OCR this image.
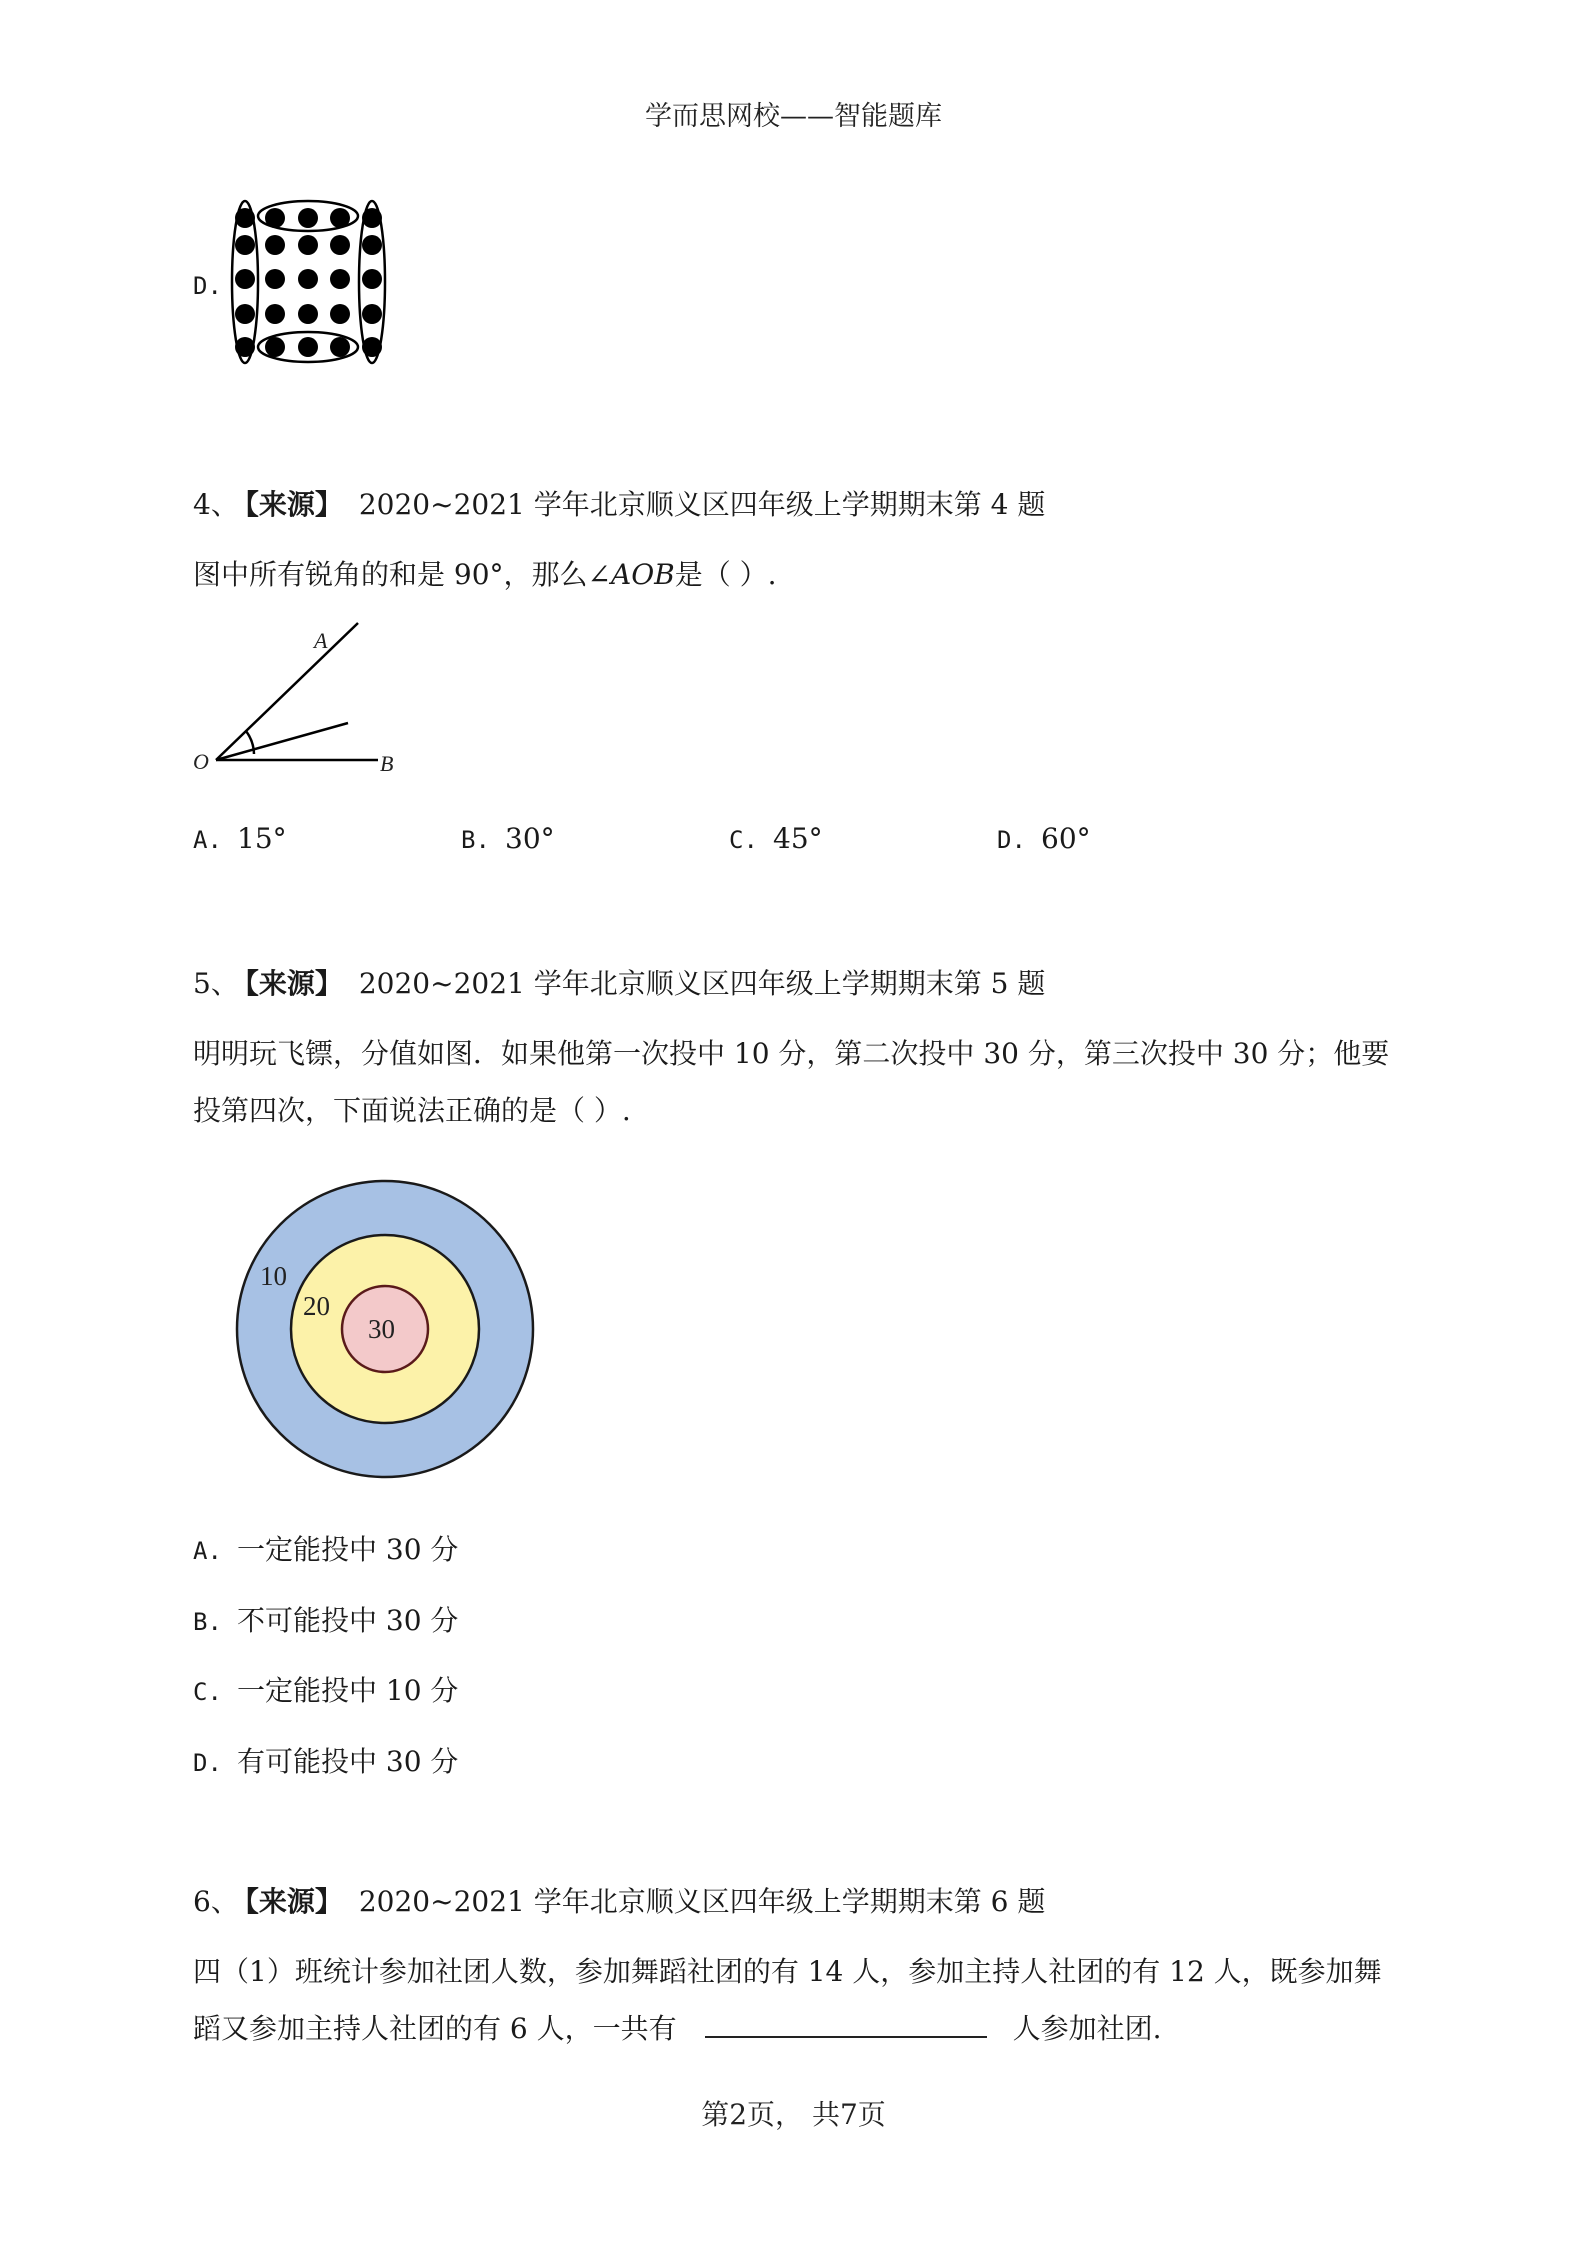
学而思网校——智能题库
D.
4、 【来源】 2020~2021 学年北京顺义区四年级上学期期末第 4 题
图中所有锐角的和是 90°，那么∠AOB是（ ）.
A
O	B
A. 15°	B. 30°	C. 45°	D. 60°
5、 【来源】 2020~2021 学年北京顺义区四年级上学期期末第 5 题
明明玩飞镖，分值如图．如果他第一次投中 10 分，第二次投中 30 分，第三次投中 30 分；他要
投第四次，下面说法正确的是（ ）.
10
20
30
A. 一定能投中 30 分
B. 不可能投中 30 分
C. 一定能投中 10 分
D. 有可能投中 30 分
6、 【来源】 2020~2021 学年北京顺义区四年级上学期期末第 6 题
四（1）班统计参加社团人数，参加舞蹈社团的有 14 人，参加主持人社团的有 12 人，既参加舞
蹈又参加主持人社团的有 6 人，一共有	人参加社团.
第2页， 共7页
